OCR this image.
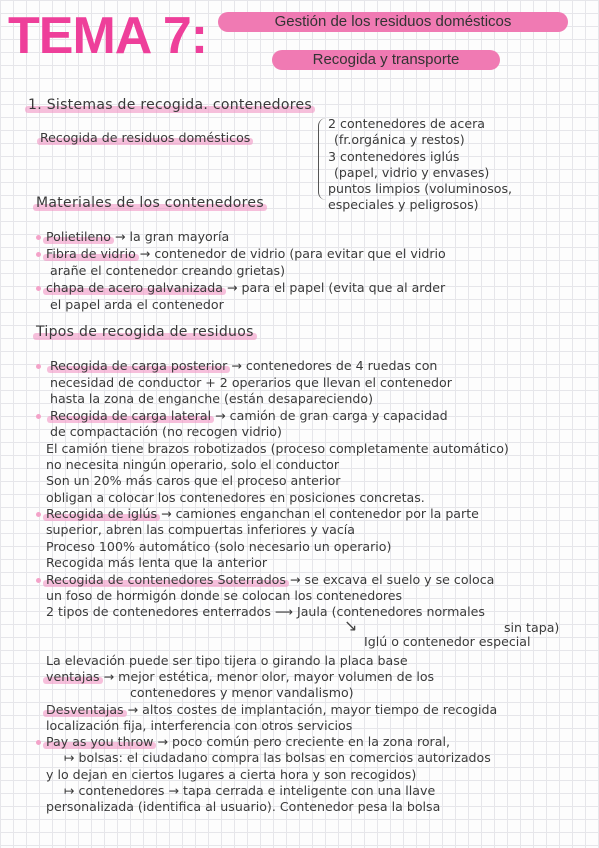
TEMA 7:	Gestión de los residuos domésticos
Recogida y transporte
1. Sistemas de recogida. contenedores
Recogida de residuos domésticos
2 contenedores de acera
(fr.orgánica y restos)
3 contenedores iglús
(papel, vidrio y envases)
puntos limpios (voluminosos,
especiales y peligrosos)
Materiales de los contenedores
Polietileno → la gran mayoría
Fibra de vidrio → contenedor de vidrio (para evitar que el vidrio
arañe el contenedor creando grietas)
chapa de acero galvanizada → para el papel (evita que al arder
el papel arda el contenedor
Tipos de recogida de residuos
Recogida de carga posterior → contenedores de 4 ruedas con
necesidad de conductor + 2 operarios que llevan el contenedor
hasta la zona de enganche (están desapareciendo)
Recogida de carga lateral → camión de gran carga y capacidad
de compactación (no recogen vidrio)
El camión tiene brazos robotizados (proceso completamente automático)
no necesita ningún operario, solo el conductor
Son un 20% más caros que el proceso anterior
obligan a colocar los contenedores en posiciones concretas.
Recogida de iglús → camiones enganchan el contenedor por la parte
superior, abren las compuertas inferiores y vacía
Proceso 100% automático (solo necesario un operario)
Recogida más lenta que la anterior
Recogida de contenedores Soterrados → se excava el suelo y se coloca
un foso de hormigón donde se colocan los contenedores
2 tipos de contenedores enterrados ⟶ Jaula (contenedores normales
sin tapa)
↘
Iglú o contenedor especial
La elevación puede ser tipo tijera o girando la placa base
ventajas → mejor estética, menor olor, mayor volumen de los
contenedores y menor vandalismo)
Desventajas → altos costes de implantación, mayor tiempo de recogida
localización fija, interferencia con otros servicios
Pay as you throw → poco común pero creciente en la zona roral,
↦ bolsas: el ciudadano compra las bolsas en comercios autorizados
y lo dejan en ciertos lugares a cierta hora y son recogidos)
↦ contenedores → tapa cerrada e inteligente con una llave
personalizada (identifica al usuario). Contenedor pesa la bolsa
